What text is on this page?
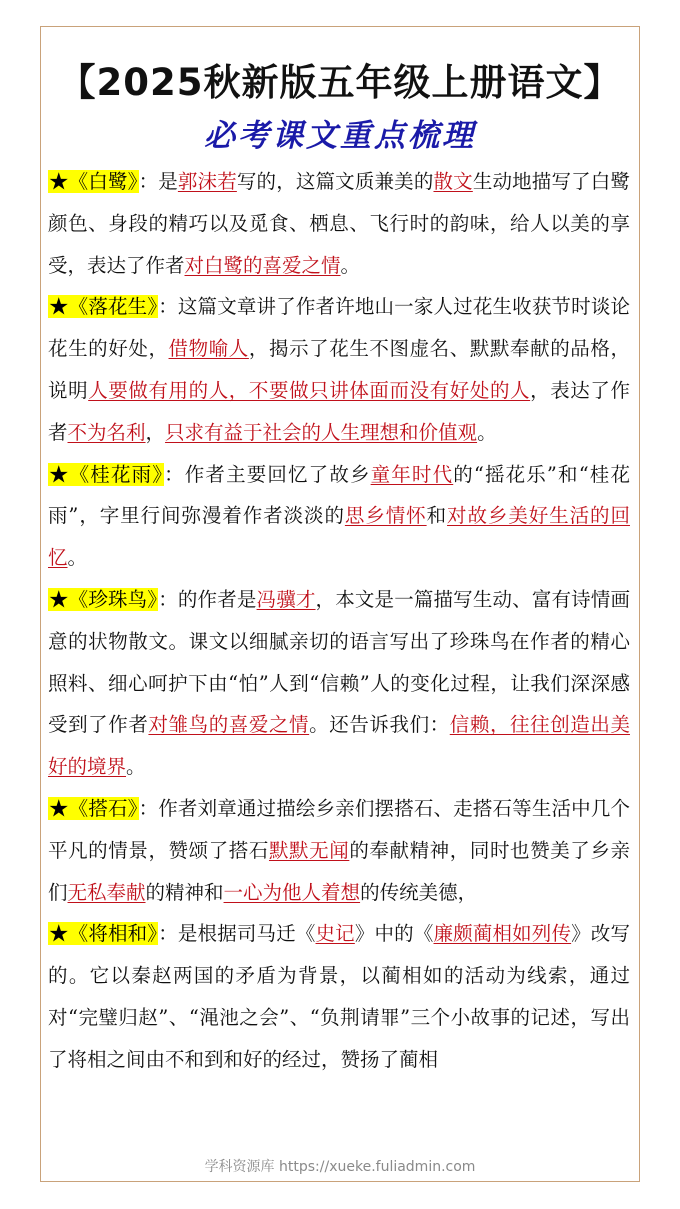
【2025秋新版五年级上册语文】
必考课文重点梳理

★《白鹭》：是郭沫若写的，这篇文质兼美的散文生动地描写了白鹭颜色、身段的精巧以及觅食、栖息、飞行时的韵味，给人以美的享受，表达了作者对白鹭的喜爱之情。

★《落花生》：这篇文章讲了作者许地山一家人过花生收获节时谈论花生的好处，借物喻人，揭示了花生不图虚名、默默奉献的品格，说明人要做有用的人，不要做只讲体面而没有好处的人，表达了作者不为名利，只求有益于社会的人生理想和价值观。

★《桂花雨》：作者主要回忆了故乡童年时代的“摇花乐”和“桂花雨”，字里行间弥漫着作者淡淡的思乡情怀和对故乡美好生活的回忆。

★《珍珠鸟》：的作者是冯骥才，本文是一篇描写生动、富有诗情画意的状物散文。课文以细腻亲切的语言写出了珍珠鸟在作者的精心照料、细心呵护下由“怕”人到“信赖”人的变化过程，让我们深深感受到了作者对雏鸟的喜爱之情。还告诉我们：信赖，往往创造出美好的境界。

★《搭石》：作者刘章通过描绘乡亲们摆搭石、走搭石等生活中几个平凡的情景，赞颂了搭石默默无闻的奉献精神，同时也赞美了乡亲们无私奉献的精神和一心为他人着想的传统美德，

★《将相和》：是根据司马迁《史记》中的《廉颇蔺相如列传》改写的。它以秦赵两国的矛盾为背景，以蔺相如的活动为线索，通过对“完璧归赵”、“渑池之会”、“负荆请罪”三个小故事的记述，写出了将相之间由不和到和好的经过，赞扬了蔺相

学科资源库 https://xueke.fuliadmin.com
